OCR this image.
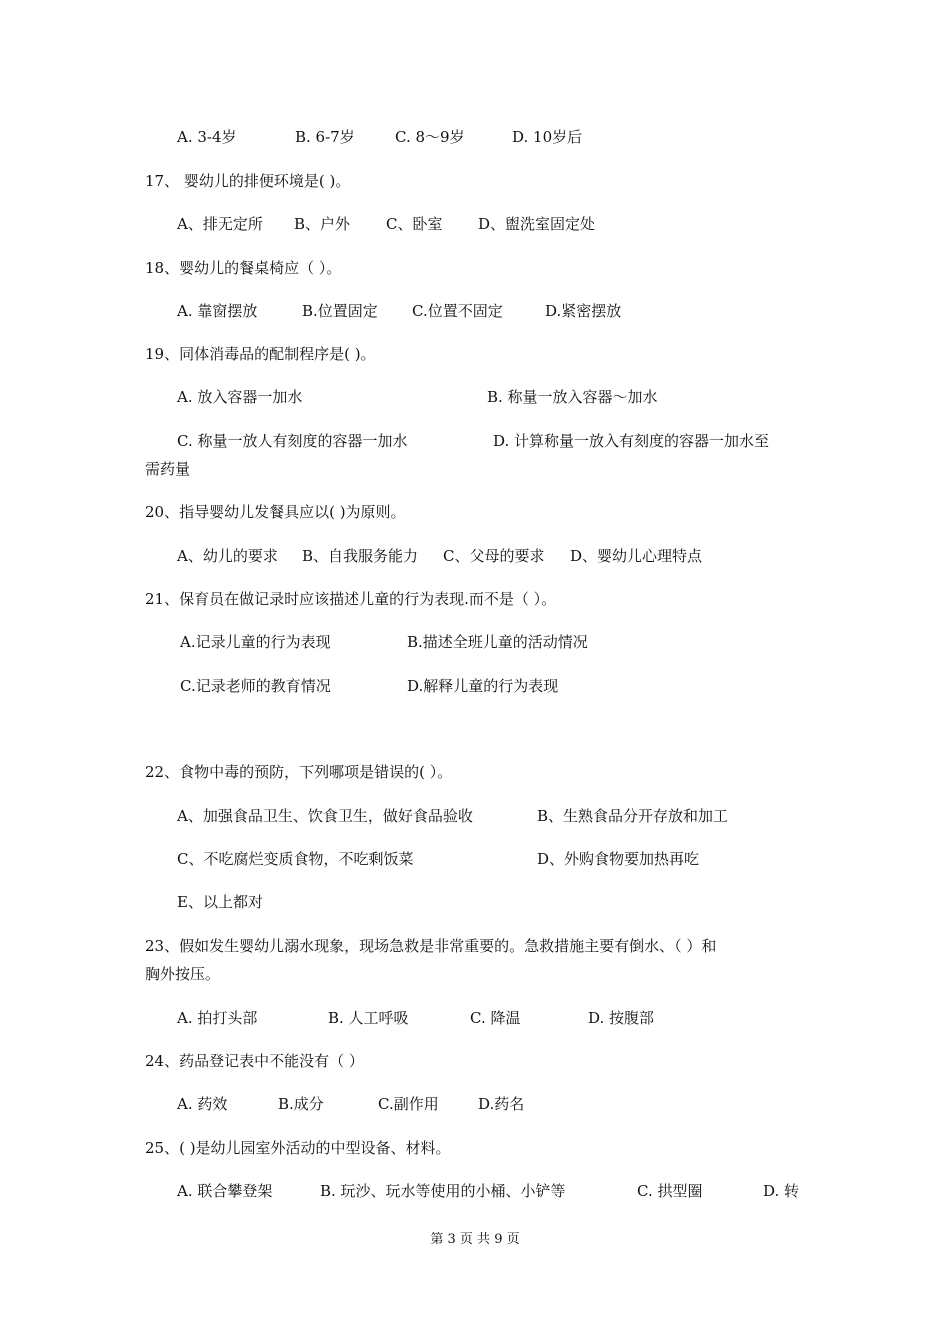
A. 3-4岁	B. 6-7岁	C. 8～9岁	D. 10岁后
17、 婴幼儿的排便环境是( )。
A、排无定所 B、户外 C、卧室 D、盥洗室固定处
18、婴幼儿的餐桌椅应（ ）。
A. 靠窗摆放	B.位置固定 C.位置不固定	D.紧密摆放
19、同体消毒品的配制程序是( )。
A. 放入容器一加水	B. 称量一放入容器～加水
C. 称量一放人有刻度的容器一加水	D. 计算称量一放入有刻度的容器一加水至
需药量
20、指导婴幼儿发餐具应以( )为原则。
A、幼儿的要求 B、自我服务能力 C、父母的要求 D、婴幼儿心理特点
21、保育员在做记录时应该描述儿童的行为表现.而不是（ ）。
A.记录儿童的行为表现	B.描述全班儿童的活动情况
C.记录老师的教育情况	D.解释儿童的行为表现
22、食物中毒的预防，下列哪项是错误的( ）。
A、加强食品卫生、饮食卫生，做好食品验收	B、生熟食品分开存放和加工
C、不吃腐烂变质食物，不吃剩饭菜	D、外购食物要加热再吃
E、以上都对
23、假如发生婴幼儿溺水现象，现场急救是非常重要的。急救措施主要有倒水、（ ）和
胸外按压。
A. 拍打头部	B. 人工呼吸	C. 降温	D. 按腹部
24、药品登记表中不能没有（ ）
A. 药效	B.成分	C.副作用	D.药名
25、( )是幼儿园室外活动的中型设备、材料。
A. 联合攀登架	B. 玩沙、玩水等使用的小桶、小铲等	C. 拱型圈	D. 转
第 3 页 共 9 页
